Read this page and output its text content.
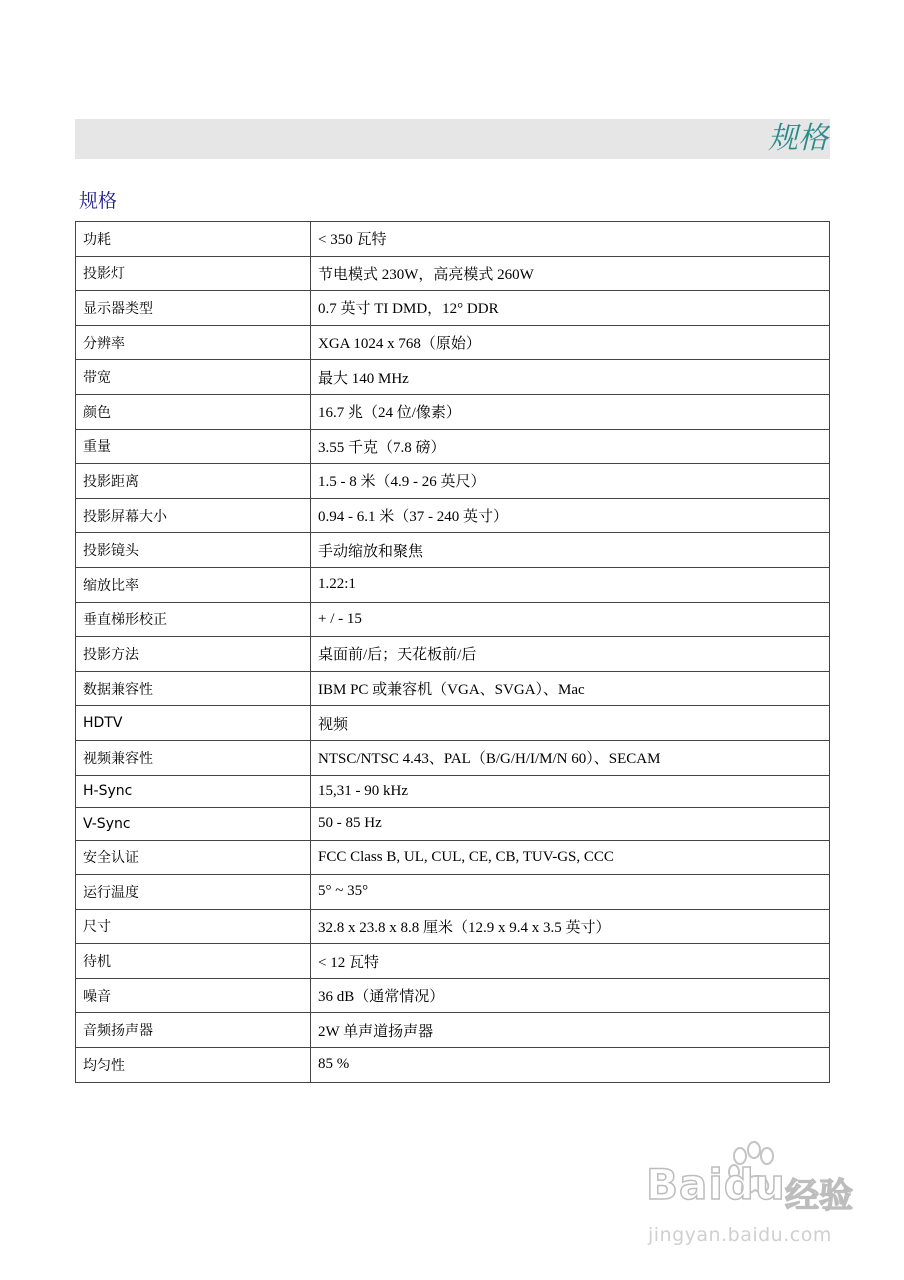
规格
规格
功耗	< 350 瓦特
投影灯	节电模式 230W，高亮模式 260W
显示器类型	0.7 英寸 TI DMD，12° DDR
分辨率	XGA 1024 x 768（原始）
带宽	最大 140 MHz
颜色	16.7 兆（24 位/像素）
重量	3.55 千克（7.8 磅）
投影距离	1.5 - 8 米（4.9 - 26 英尺）
投影屏幕大小	0.94 - 6.1 米（37 - 240 英寸）
投影镜头	手动缩放和聚焦
缩放比率	1.22:1
垂直梯形校正	+ / - 15
投影方法	桌面前/后；天花板前/后
数据兼容性	IBM PC 或兼容机（VGA、SVGA）、Mac
HDTV	视频
视频兼容性	NTSC/NTSC 4.43、PAL（B/G/H/I/M/N 60）、SECAM
H-Sync	15,31 - 90 kHz
V-Sync	50 - 85 Hz
安全认证	FCC Class B, UL, CUL, CE, CB, TUV-GS, CCC
运行温度	5° ~ 35°
尺寸	32.8 x 23.8 x 8.8 厘米（12.9 x 9.4 x 3.5 英寸）
待机	< 12 瓦特
噪音	36 dB（通常情况）
音频扬声器	2W 单声道扬声器
均匀性	85 %
Baidu 经验
jingyan.baidu.com
